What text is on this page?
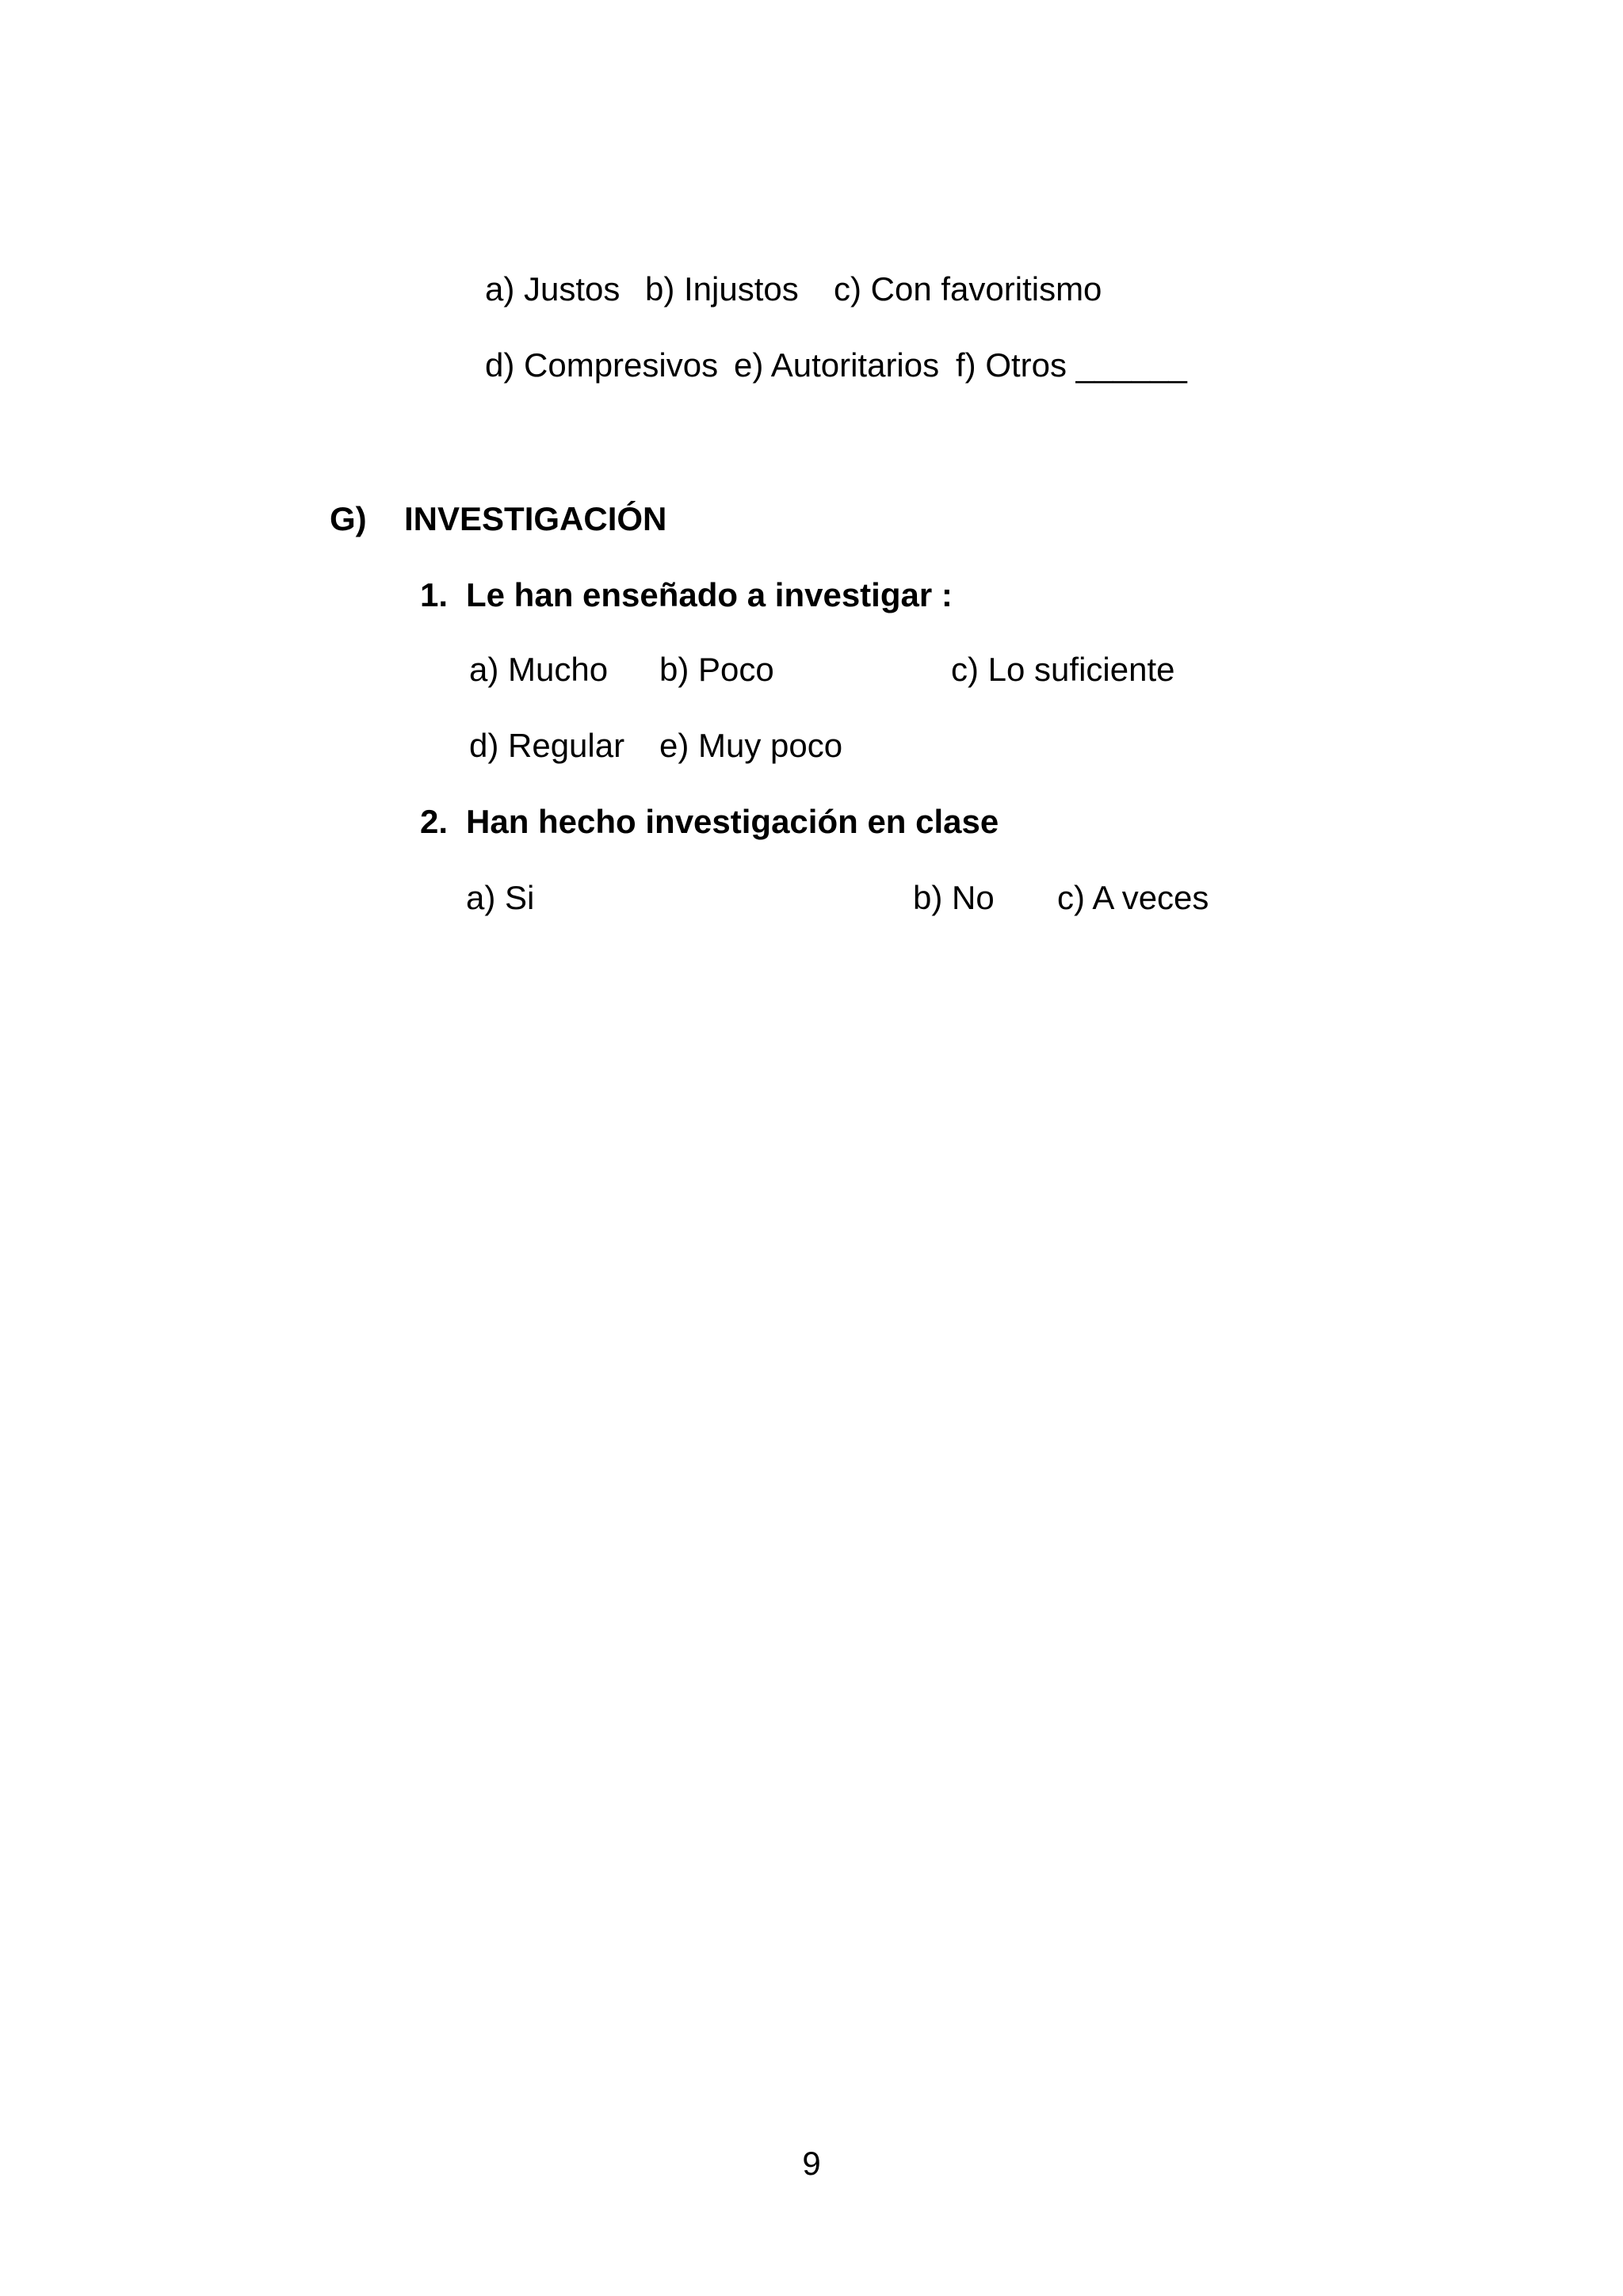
a) Justos b) Injustos c) Con favoritismo
d) Compresivos e) Autoritarios f) Otros ______
G) INVESTIGACIÓN
1. Le han enseñado a investigar :
a) Mucho b) Poco	c) Lo suficiente
d) Regular e) Muy poco
2. Han hecho investigación en clase
a) Si	b) No c) A veces
9
